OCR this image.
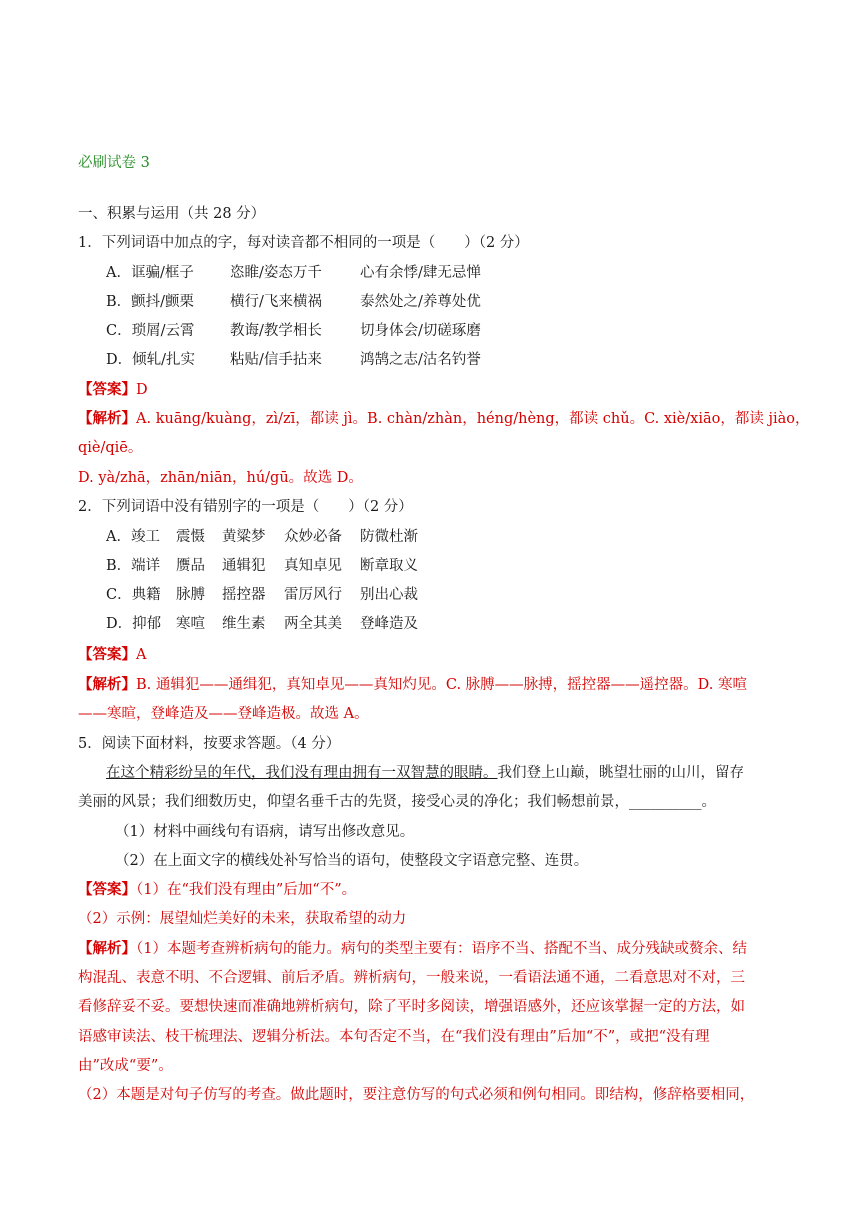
必刷试卷 3
一、积累与运用（共 28 分）
1．下列词语中加点的字，每对读音都不相同的一项是（　　）（2 分）
A．诓骗/框子 恣睢/姿态万千	心有余悸/肆无忌惮
B．颤抖/颤栗 横行/飞来横祸	泰然处之/养尊处优
C．琐屑/云霄 教诲/教学相长	切身体会/切磋琢磨
D．倾轧/扎实 粘贴/信手拈来	鸿鹄之志/沽名钓誉
【答案】D
【解析】A. kuāng/kuàng，zì/zī，都读 jì。B. chàn/zhàn，héng/hèng，都读 chǔ。C. xiè/xiāo，都读 jiào，
qiè/qiē。
D. yà/zhā，zhān/niān，hú/gū。故选 D。
2．下列词语中没有错别字的一项是（　　）（2 分）
A．竣工 震慑 黄粱梦 众妙必备 防微杜渐
B．端详 赝品 通辑犯 真知卓见 断章取义
C．典籍 脉膊 摇控器 雷厉风行 别出心裁
D．抑郁 寒喧 维生素 两全其美 登峰造及
【答案】A
【解析】B. 通辑犯——通缉犯，真知卓见——真知灼见。C. 脉膊——脉搏，摇控器——遥控器。D. 寒喧
——寒暄，登峰造及——登峰造极。故选 A。
5．阅读下面材料，按要求答题。（4 分）
在这个精彩纷呈的年代，我们没有理由拥有一双智慧的眼睛。我们登上山巅，眺望壮丽的山川，留存
美丽的风景；我们细数历史，仰望名垂千古的先贤，接受心灵的净化；我们畅想前景，__________。
（1）材料中画线句有语病，请写出修改意见。
（2）在上面文字的横线处补写恰当的语句，使整段文字语意完整、连贯。
【答案】（1）在“我们没有理由”后加“不”。
（2）示例：展望灿烂美好的未来，获取希望的动力
【解析】（1）本题考查辨析病句的能力。病句的类型主要有：语序不当、搭配不当、成分残缺或赘余、结
构混乱、表意不明、不合逻辑、前后矛盾。辨析病句，一般来说，一看语法通不通，二看意思对不对，三
看修辞妥不妥。要想快速而准确地辨析病句，除了平时多阅读，增强语感外，还应该掌握一定的方法，如
语感审读法、枝干梳理法、逻辑分析法。本句否定不当，在“我们没有理由”后加“不”，或把“没有理
由”改成“要”。
（2）本题是对句子仿写的考查。做此题时，要注意仿写的句式必须和例句相同。即结构，修辞格要相同，
